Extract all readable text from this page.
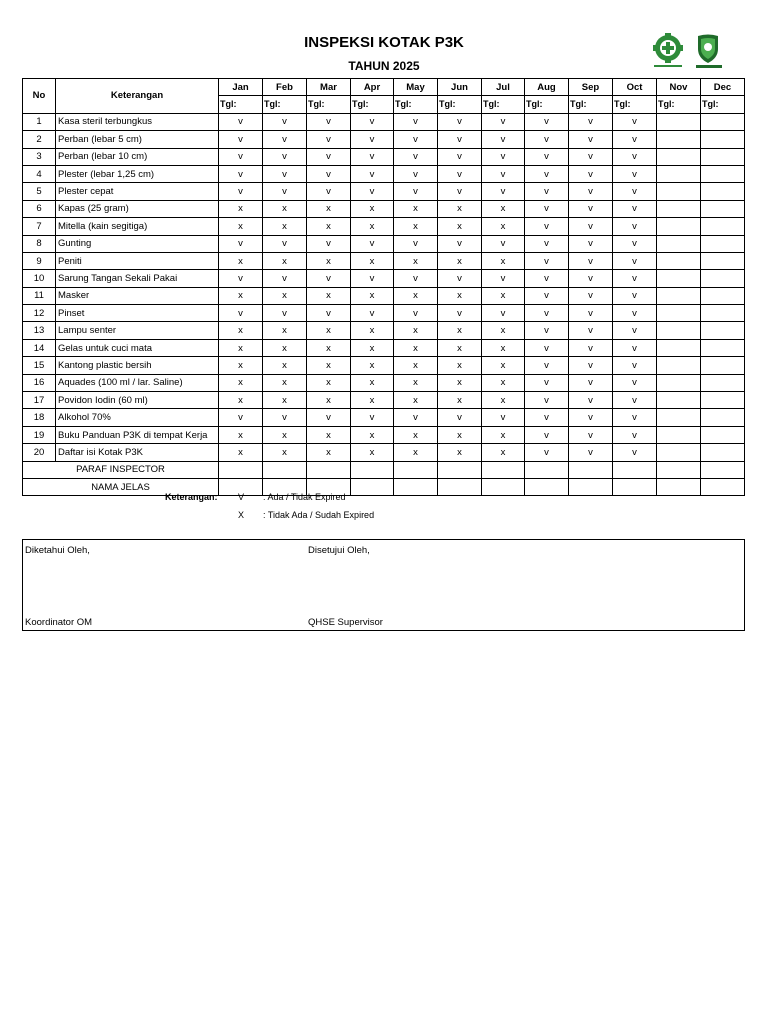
INSPEKSI KOTAK P3K
TAHUN 2025
No	Keterangan	Jan	Feb	Mar	Apr	May	Jun	Jul	Aug	Sep	Oct	Nov	Dec
		Tgl:	Tgl:	Tgl:	Tgl:	Tgl:	Tgl:	Tgl:	Tgl:	Tgl:	Tgl:	Tgl:	Tgl:
1	Kasa steril terbungkus	v	v	v	v	v	v	v	v	v	v		
2	Perban (lebar 5 cm)	v	v	v	v	v	v	v	v	v	v		
3	Perban (lebar 10 cm)	v	v	v	v	v	v	v	v	v	v		
4	Plester (lebar 1,25 cm)	v	v	v	v	v	v	v	v	v	v		
5	Plester cepat	v	v	v	v	v	v	v	v	v	v		
6	Kapas (25 gram)	x	x	x	x	x	x	x	v	v	v		
7	Mitella (kain segitiga)	x	x	x	x	x	x	x	v	v	v		
8	Gunting	v	v	v	v	v	v	v	v	v	v		
9	Peniti	x	x	x	x	x	x	x	v	v	v		
10	Sarung Tangan Sekali Pakai	v	v	v	v	v	v	v	v	v	v		
11	Masker	x	x	x	x	x	x	x	v	v	v		
12	Pinset	v	v	v	v	v	v	v	v	v	v		
13	Lampu senter	x	x	x	x	x	x	x	v	v	v		
14	Gelas untuk cuci mata	x	x	x	x	x	x	x	v	v	v		
15	Kantong plastic bersih	x	x	x	x	x	x	x	v	v	v		
16	Aquades (100 ml / lar. Saline)	x	x	x	x	x	x	x	v	v	v		
17	Povidon Iodin (60 ml)	x	x	x	x	x	x	x	v	v	v		
18	Alkohol 70%	v	v	v	v	v	v	v	v	v	v		
19	Buku Panduan P3K di tempat Kerja	x	x	x	x	x	x	x	v	v	v		
20	Daftar isi Kotak P3K	x	x	x	x	x	x	x	v	v	v		
PARAF INSPECTOR													
NAMA JELAS													
Keterangan: V : Ada / Tidak Expired
X : Tidak Ada / Sudah Expired
Diketahui Oleh,	Disetujui Oleh,
Koordinator OM	QHSE Supervisor
